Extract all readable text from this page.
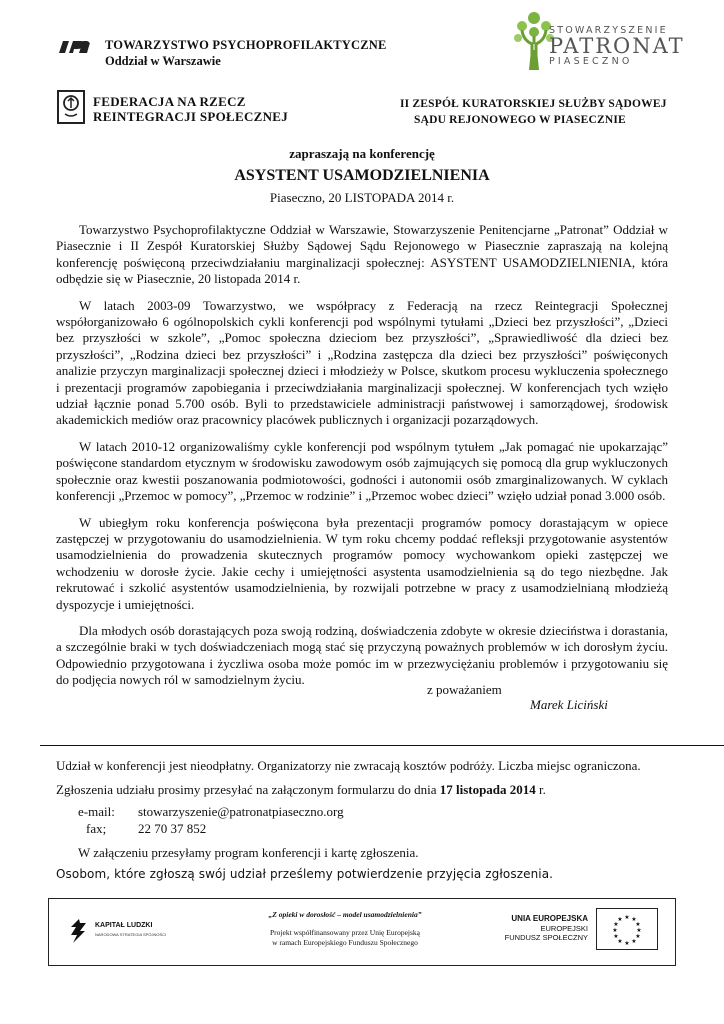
TOWARZYSTWO PSYCHOPROFILAKTYCZNE
Oddział w Warszawie
FEDERACJA NA RZECZ
REINTEGRACJI SPOŁECZNEJ
II ZESPÓŁ KURATORSKIEJ SŁUŻBY SĄDOWEJ
SĄDU REJONOWEGO W PIASECZNIE
STOWARZYSZENIE
PATRONAT
PIASECZNO
zapraszają na konferencję
ASYSTENT USAMODZIELNIENIA
Piaseczno, 20 LISTOPADA 2014 r.

Towarzystwo Psychoprofilaktyczne Oddział w Warszawie, Stowarzyszenie Penitencjarne „Patronat” Oddział w Piasecznie i II Zespół Kuratorskiej Służby Sądowej Sądu Rejonowego w Piasecznie zapraszają na kolejną konferencję poświęconą przeciwdziałaniu marginalizacji społecznej: ASYSTENT USAMODZIELNIENIA, która odbędzie się w Piasecznie, 20 listopada 2014 r.

W latach 2003-09 Towarzystwo, we współpracy z Federacją na rzecz Reintegracji Społecznej współorganizowało 6 ogólnopolskich cykli konferencji pod wspólnymi tytułami „Dzieci bez przyszłości”, „Dzieci bez przyszłości w szkole”, „Pomoc społeczna dzieciom bez przyszłości”, „Sprawiedliwość dla dzieci bez przyszłości”, „Rodzina dzieci bez przyszłości” i „Rodzina zastępcza dla dzieci bez przyszłości” poświęconych analizie przyczyn marginalizacji społecznej dzieci i młodzieży w Polsce, skutkom procesu wykluczenia społecznego i prezentacji programów zapobiegania i przeciwdziałania marginalizacji społecznej. W konferencjach tych wzięło udział łącznie ponad 5.700 osób. Byli to przedstawiciele administracji państwowej i samorządowej, środowisk akademickich mediów oraz pracownicy placówek publicznych i organizacji pozarządowych.

W latach 2010-12 organizowaliśmy cykle konferencji pod wspólnym tytułem „Jak pomagać nie upokarzając” poświęcone standardom etycznym w środowisku zawodowym osób zajmujących się pomocą dla grup wykluczonych społecznie oraz kwestii poszanowania podmiotowości, godności i autonomii osób zmarginalizowanych. W cyklach konferencji „Przemoc w pomocy”, „Przemoc w rodzinie” i „Przemoc wobec dzieci” wzięło udział ponad 3.000 osób.

W ubiegłym roku konferencja poświęcona była prezentacji programów pomocy dorastającym w opiece zastępczej w przygotowaniu do usamodzielnienia. W tym roku chcemy poddać refleksji przygotowanie asystentów usamodzielnienia do prowadzenia skutecznych programów pomocy wychowankom opieki zastępczej we wchodzeniu w dorosłe życie. Jakie cechy i umiejętności asystenta usamodzielnienia są do tego niezbędne. Jak rekrutować i szkolić asystentów usamodzielnienia, by rozwijali potrzebne w pracy z usamodzielnianą młodzieżą dyspozycje i umiejętności.

Dla młodych osób dorastających poza swoją rodziną, doświadczenia zdobyte w okresie dzieciństwa i dorastania, a szczególnie braki w tych doświadczeniach mogą stać się przyczyną poważnych problemów w ich dorosłym życiu. Odpowiednio przygotowana i życzliwa osoba może pomóc im w przezwyciężaniu problemów i przygotowaniu się do podjęcia nowych ról w samodzielnym życiu.

z poważaniem
Marek Liciński
Udział w konferencji jest nieodpłatny. Organizatorzy nie zwracają kosztów podróży. Liczba miejsc ograniczona.
Zgłoszenia udziału prosimy przesyłać na załączonym formularzu do dnia 17 listopada 2014 r.
e-mail: stowarzyszenie@patronatpiaseczno.org
fax; 22 70 37 852
W załączeniu przesyłamy program konferencji i kartę zgłoszenia.
Osobom, które zgłoszą swój udział prześlemy potwierdzenie przyjęcia zgłoszenia.
KAPITAŁ LUDZKI
NARODOWA STRATEGIA SPÓJNOŚCI
„Z opieki w dorosłość – model usamodzielnienia”
Projekt współfinansowany przez Unię Europejską
w ramach Europejskiego Funduszu Społecznego
UNIA EUROPEJSKA
EUROPEJSKI
FUNDUSZ SPOŁECZNY
★ ★
★
★
★
★
★
★
★
★
★
★
